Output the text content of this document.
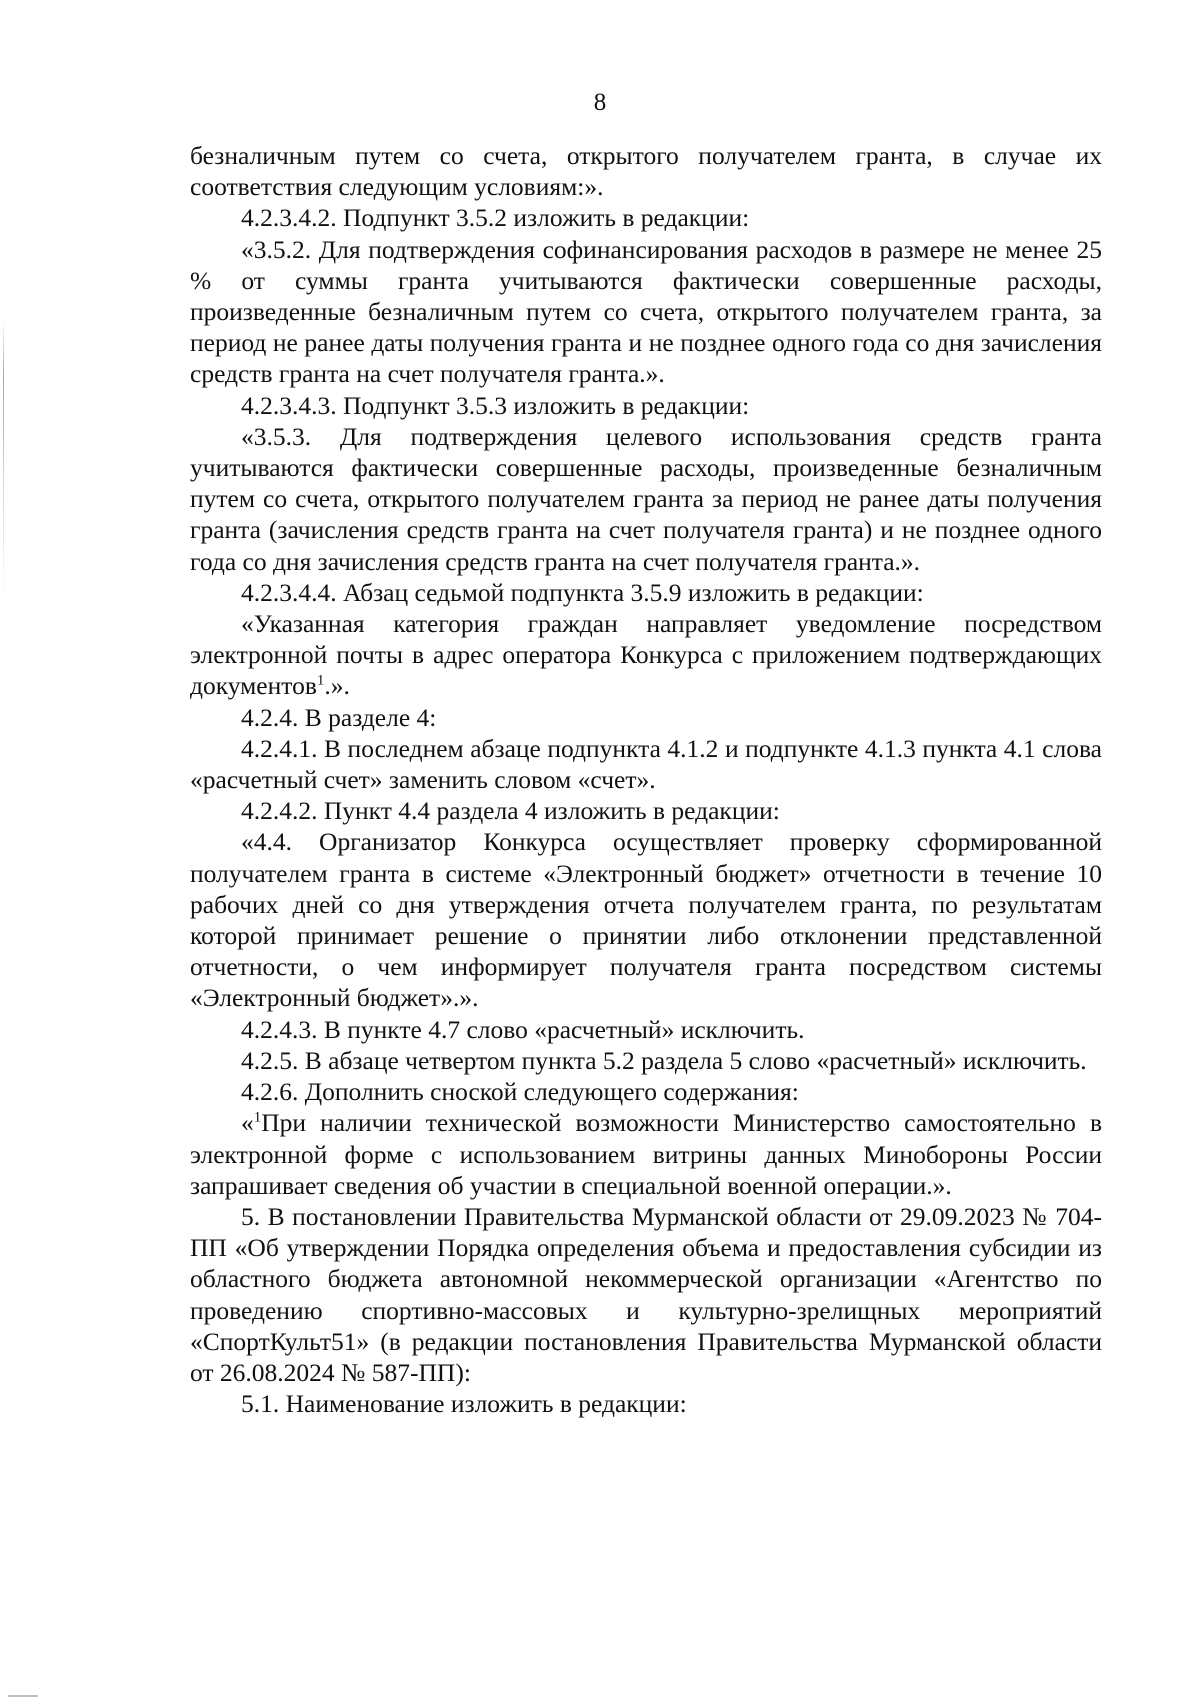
8

безналичным путем со счета, открытого получателем гранта, в случае их соответствия следующим условиям:».

4.2.3.4.2. Подпункт 3.5.2 изложить в редакции:

«3.5.2. Для подтверждения софинансирования расходов в размере не менее 25 % от суммы гранта учитываются фактически совершенные расходы, произведенные безналичным путем со счета, открытого получателем гранта, за период не ранее даты получения гранта и не позднее одного года со дня зачисления средств гранта на счет получателя гранта.».

4.2.3.4.3. Подпункт 3.5.3 изложить в редакции:

«3.5.3. Для подтверждения целевого использования средств гранта учитываются фактически совершенные расходы, произведенные безналичным путем со счета, открытого получателем гранта за период не ранее даты получения гранта (зачисления средств гранта на счет получателя гранта) и не позднее одного года со дня зачисления средств гранта на счет получателя гранта.».

4.2.3.4.4. Абзац седьмой подпункта 3.5.9 изложить в редакции:

«Указанная категория граждан направляет уведомление посредством электронной почты в адрес оператора Конкурса с приложением подтверждающих документов$^1$.».

4.2.4. В разделе 4:

4.2.4.1. В последнем абзаце подпункта 4.1.2 и подпункте 4.1.3 пункта 4.1 слова «расчетный счет» заменить словом «счет».

4.2.4.2. Пункт 4.4 раздела 4 изложить в редакции:

«4.4. Организатор Конкурса осуществляет проверку сформированной получателем гранта в системе «Электронный бюджет» отчетности в течение 10 рабочих дней со дня утверждения отчета получателем гранта, по результатам которой принимает решение о принятии либо отклонении представленной отчетности, о чем информирует получателя гранта посредством системы «Электронный бюджет».».

4.2.4.3. В пункте 4.7 слово «расчетный» исключить.

4.2.5. В абзаце четвертом пункта 5.2 раздела 5 слово «расчетный» исключить.

4.2.6. Дополнить сноской следующего содержания:

«$^1$При наличии технической возможности Министерство самостоятельно в электронной форме с использованием витрины данных Минобороны России запрашивает сведения об участии в специальной военной операции.».

5. В постановлении Правительства Мурманской области от 29.09.2023 № 704-ПП «Об утверждении Порядка определения объема и предоставления субсидии из областного бюджета автономной некоммерческой организации «Агентство по проведению спортивно-массовых и культурно-зрелищных мероприятий «СпортКульт51» (в редакции постановления Правительства Мурманской области от 26.08.2024 № 587-ПП):

5.1. Наименование изложить в редакции:
